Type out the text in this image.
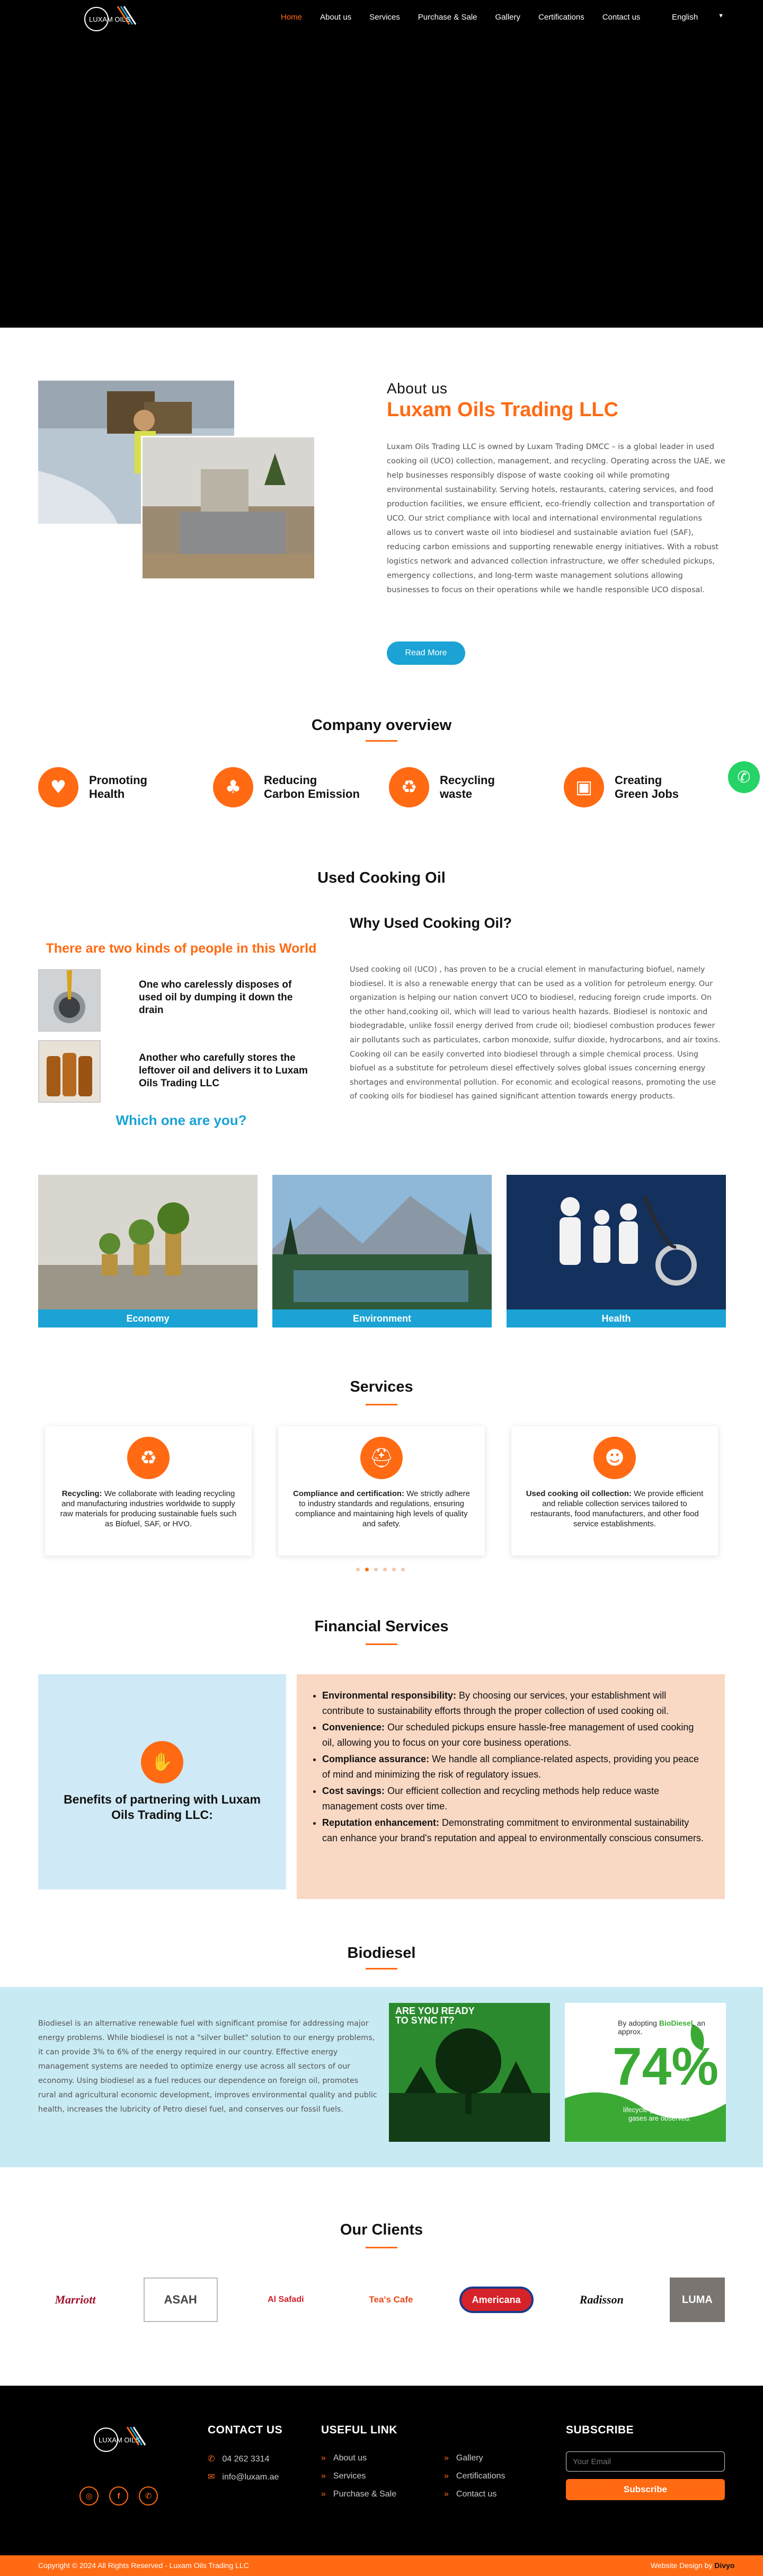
LUXAM OILS	Home About us Services Purchase & Sale Gallery Certifications Contact us	English	▼
About us
Luxam Oils Trading LLC

Luxam Oils Trading LLC is owned by Luxam Trading DMCC – is a global leader in used cooking oil (UCO) collection, management, and recycling. Operating across the UAE, we help businesses responsibly dispose of waste cooking oil while promoting environmental sustainability. Serving hotels, restaurants, catering services, and food production facilities, we ensure efficient, eco-friendly collection and transportation of UCO. Our strict compliance with local and international environmental regulations allows us to convert waste oil into biodiesel and sustainable aviation fuel (SAF), reducing carbon emissions and supporting renewable energy initiatives. With a robust logistics network and advanced collection infrastructure, we offer scheduled pickups, emergency collections, and long-term waste management solutions allowing businesses to focus on their operations while we handle responsible UCO disposal.

Read More
Company overview
♥	Promoting
Health	♣	Reducing
Carbon Emission	♻	Recycling
waste	▣	Creating
Green Jobs
✆
Used Cooking Oil
There are two kinds of people in this World
One who carelessly disposes of used oil by dumping it down the drain
Another who carefully stores the leftover oil and delivers it to Luxam Oils Trading LLC
Which one are you?
Why Used Cooking Oil?

Used cooking oil (UCO) , has proven to be a crucial element in manufacturing biofuel, namely biodiesel. It is also a renewable energy that can be used as a volition for petroleum energy. Our organization is helping our nation convert UCO to biodiesel, reducing foreign crude imports. On the other hand,cooking oil, which will lead to various health hazards. Biodiesel is nontoxic and biodegradable, unlike fossil energy derived from crude oil; biodiesel combustion produces fewer air pollutants such as particulates, carbon monoxide, sulfur dioxide, hydrocarbons, and air toxins. Cooking oil can be easily converted into biodiesel through a simple chemical process. Using biofuel as a substitute for petroleum diesel effectively solves global issues concerning energy shortages and environmental pollution. For economic and ecological reasons, promoting the use of cooking oils for biodiesel has gained significant attention towards energy products.

Economy	Environment	Health
Services
♻
Recycling: We collaborate with leading recycling and manufacturing industries worldwide to supply raw materials for producing sustainable fuels such as Biofuel, SAF, or HVO.
⛑
Compliance and certification: We strictly adhere to industry standards and regulations, ensuring compliance and maintaining high levels of quality and safety.
☻
Used cooking oil collection: We provide efficient and reliable collection services tailored to restaurants, food manufacturers, and other food service establishments.
Financial Services
✋
Benefits of partnering with Luxam Oils Trading LLC:
• Environmental responsibility: By choosing our services, your establishment will contribute to sustainability efforts through the proper collection of used cooking oil.
• Convenience: Our scheduled pickups ensure hassle-free management of used cooking oil, allowing you to focus on your core business operations.
• Compliance assurance: We handle all compliance-related aspects, providing you peace of mind and minimizing the risk of regulatory issues.
• Cost savings: Our efficient collection and recycling methods help reduce waste management costs over time.
• Reputation enhancement: Demonstrating commitment to environmental sustainability can enhance your brand's reputation and appeal to environmentally conscious consumers.
Biodiesel

Biodiesel is an alternative renewable fuel with significant promise for addressing major energy problems. While biodiesel is not a "silver bullet" solution to our energy problems, it can provide 3% to 6% of the energy required in our country. Effective energy management systems are needed to optimize energy use across all sectors of our economy. Using biodiesel as a fuel reduces our dependence on foreign oil, promotes rural and agricultural economic development, improves environmental quality and public health, increases the lubricity of Petro diesel fuel, and conserves our fossil fuels.

ARE YOU READY
TO SYNC IT?	By adopting BioDiesel, an approx.
74%
reduction in
lifecycle greenhouse
gases are observed.
Our Clients
Marriott	ASAH	Al Safadi	Tea's Cafe	Americana	Radisson	LUMA
LUXAM OILS
◎	f	✆
CONTACT US
✆ 04 262 3314
✉ info@luxam.ae
USEFUL LINK
» About us
» Services
» Purchase & Sale
» Gallery
» Certifications
» Contact us
SUBSCRIBE
Your Email
Subscribe
Copyright © 2024 All Rights Reserved - Luxam Oils Trading LLC	Website Design by Divyo
